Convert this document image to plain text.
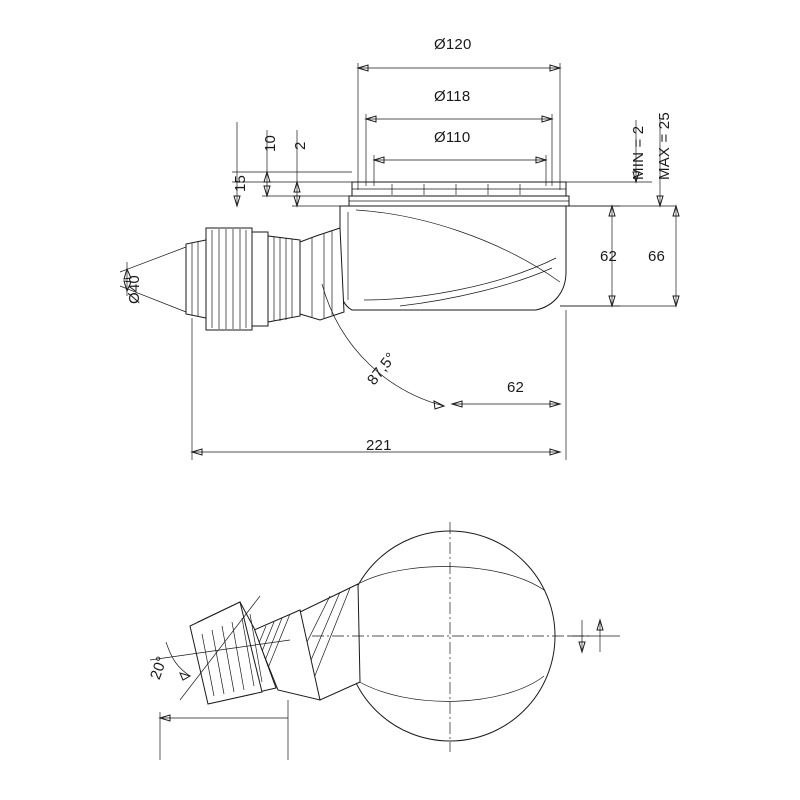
Ø120
Ø118
Ø110
15
10 2	MIN = 2 MAX = 25
62 66
Ø40
87,5°	62
221
20°
